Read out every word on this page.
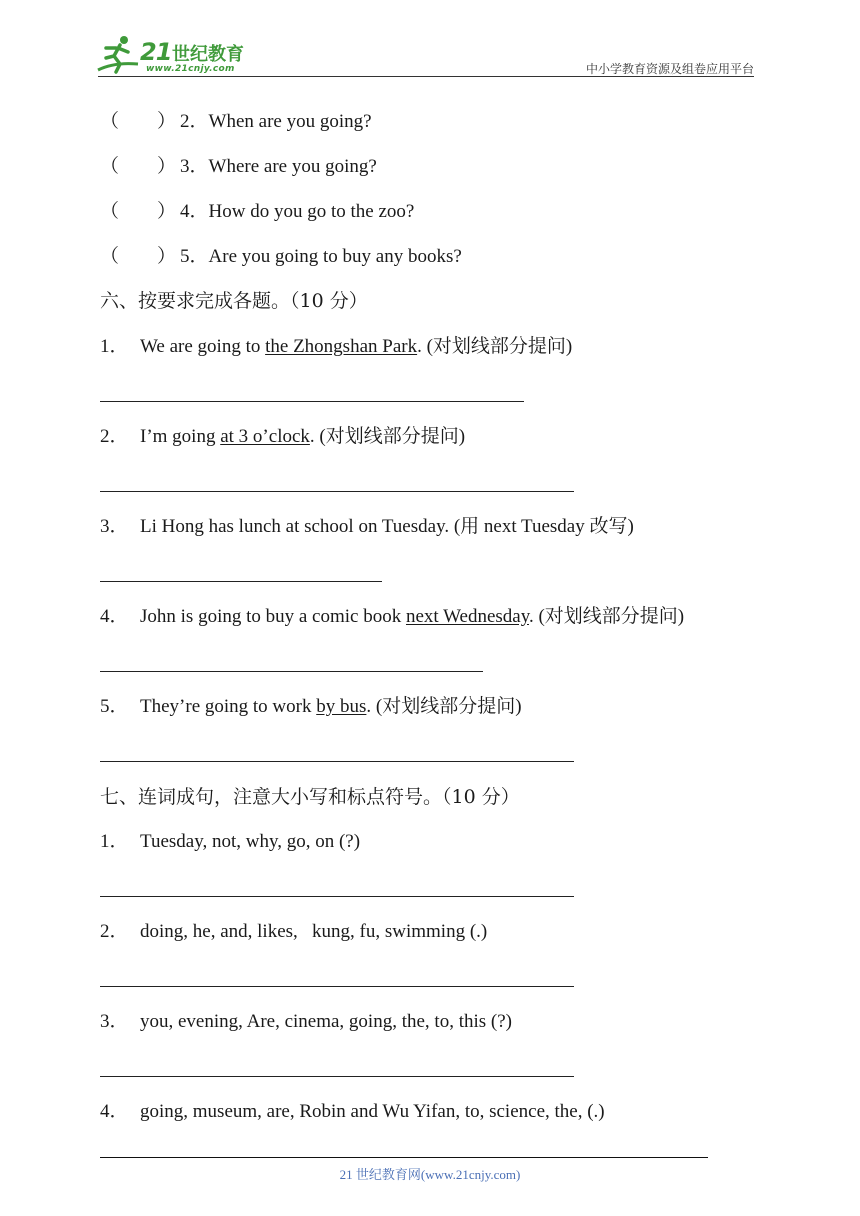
21 世纪教育
www.21cnjy.com	中小学教育资源及组卷应用平台
（　　） 2．When are you going?
（　　） 3．Where are you going?
（　　） 4．How do you go to the zoo?
（　　） 5．Are you going to buy any books?
六、按要求完成各题。（10 分）
1． We are going to the Zhongshan Park. (对划线部分提问)
2． I’m going at 3 o’clock. (对划线部分提问)
3． Li Hong has lunch at school on Tuesday. (用 next Tuesday 改写)
4． John is going to buy a comic book next Wednesday. (对划线部分提问)
5． They’re going to work by bus. (对划线部分提问)
七、连词成句，注意大小写和标点符号。（10 分）
1． Tuesday, not, why, go, on (?)
2． doing, he, and, likes,   kung, fu, swimming (.)
3． you, evening, Are, cinema, going, the, to, this (?)
4． going, museum, are, Robin and Wu Yifan, to, science, the, (.)
21 世纪教育网(www.21cnjy.com)
